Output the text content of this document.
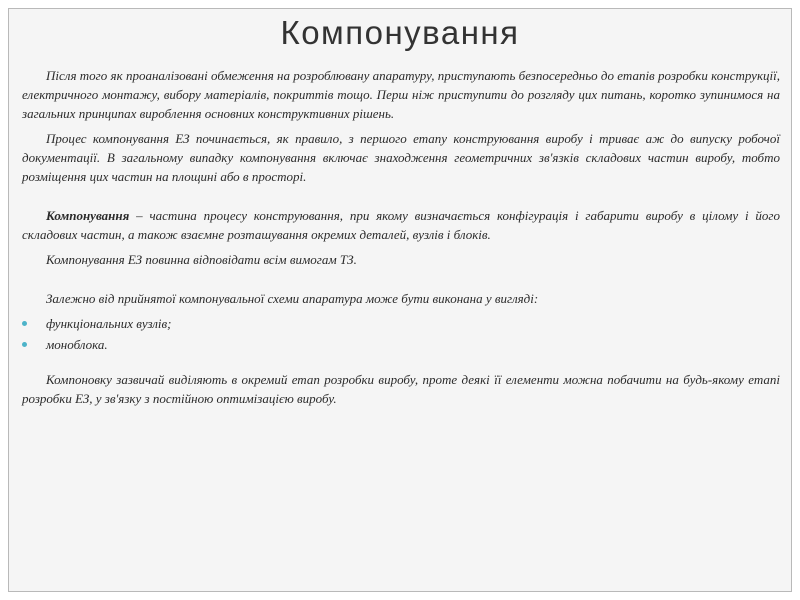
Компонування

Після того як проаналізовані обмеження на розроблювану апаратуру, приступають безпосередньо до етапів розробки конструкції, електричного монтажу, вибору матеріалів, покриттів тощо. Перш ніж приступити до розгляду цих питань, коротко зупинимося на загальних принципах вироблення основних конструктивних рішень.

Процес компонування ЕЗ починається, як правило, з першого етапу конструювання виробу і триває аж до випуску робочої документації. В загальному випадку компонування включає знаходження геометричних зв'язків складових частин виробу, тобто розміщення цих частин на площині або в просторі.

Компонування – частина процесу конструювання, при якому визначається конфігурація і габарити виробу в цілому і його складових частин, а також взаємне розташування окремих деталей, вузлів і блоків.

Компонування ЕЗ повинна відповідати всім вимогам ТЗ.

Залежно від прийнятої компонувальної схеми апаратура може бути виконана у вигляді:

функціональних вузлів;
моноблока.

Компоновку зазвичай виділяють в окремий етап розробки виробу, проте деякі її елементи можна побачити на будь-якому етапі розробки ЕЗ, у зв'язку з постійною оптимізацією виробу.
